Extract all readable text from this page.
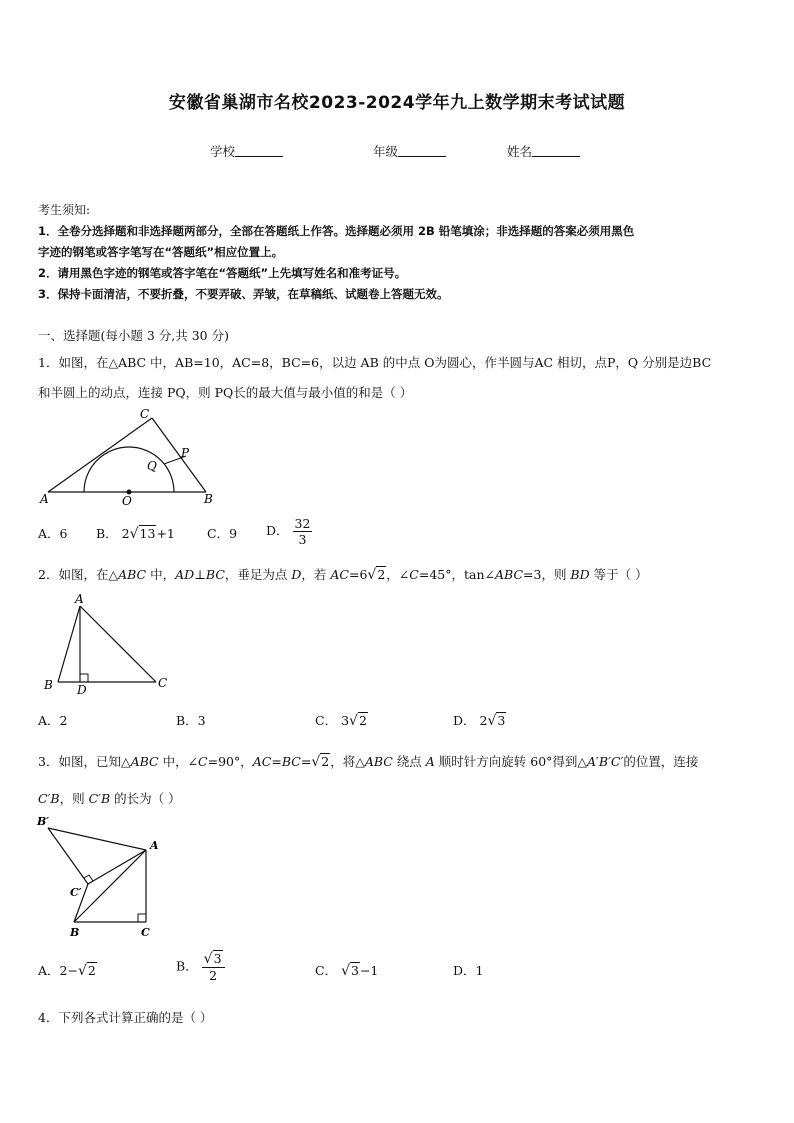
安徽省巢湖市名校2023-2024学年九上数学期末考试试题
学校	年级	姓名
考生须知:
1．全卷分选择题和非选择题两部分，全部在答题纸上作答。选择题必须用 2B 铅笔填涂；非选择题的答案必须用黑色
字迹的钢笔或答字笔写在“答题纸”相应位置上。
2．请用黑色字迹的钢笔或答字笔在“答题纸”上先填写姓名和准考证号。
3．保持卡面清洁，不要折叠，不要弄破、弄皱，在草稿纸、试题卷上答题无效。
一、选择题(每小题 3 分,共 30 分)
1．如图，在△ABC 中，AB=10，AC=8，BC=6，以边 AB 的中点 O为圆心，作半圆与AC 相切，点P，Q 分别是边BC
和半圆上的动点，连接 PQ，则 PQ长的最大值与最小值的和是（ ）
C
P
Q
A	O	B
A．6 B． 2√13+1	C．9 D． $\frac{32}{3}$
2．如图，在△ABC 中，AD⊥BC，垂足为点 D，若 AC=6√2，∠C=45°，tan∠ABC=3，则 BD 等于（ ）
A
B D	C
A．2	B．3	C． 3√2	D． 2√3
3．如图，已知△ABC 中，∠C=90°，AC=BC=√2，将△ABC 绕点 A 顺时针方向旋转 60°得到△A′B′C′的位置，连接
C′B，则 C′B 的长为（ ）
B′
A
C′
B	C
A．2−√2	B． $\frac{√3}{2}$	C． √3−1	D．1
4．下列各式计算正确的是（ ）
